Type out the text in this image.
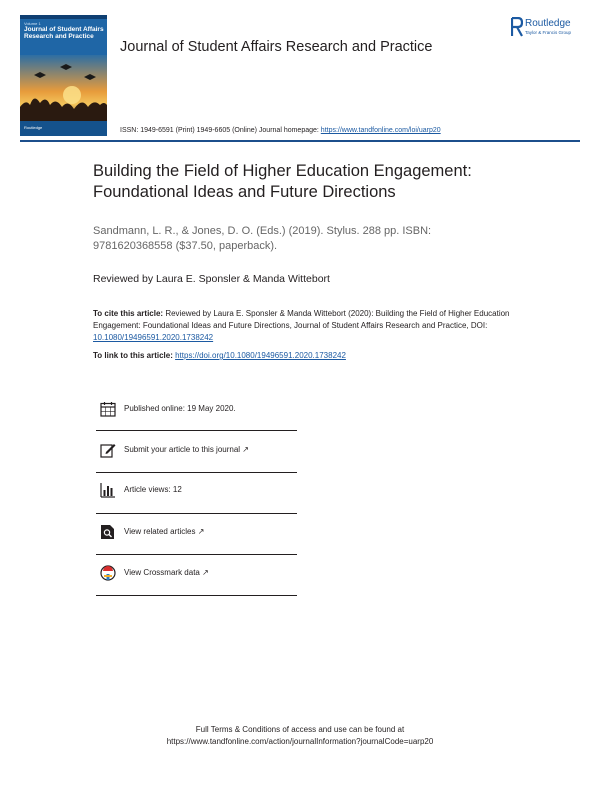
Volume 1
Journal of Student Affairs Research and Practice
Routledge
Journal of Student Affairs Research and Practice
Routledge
Taylor & Francis Group
ISSN: 1949-6591 (Print) 1949-6605 (Online) Journal homepage: https://www.tandfonline.com/loi/uarp20
Building the Field of Higher Education Engagement: Foundational Ideas and Future Directions
Sandmann, L. R., & Jones, D. O. (Eds.) (2019). Stylus. 288 pp. ISBN: 9781620368558 ($37.50, paperback).
Reviewed by Laura E. Sponsler & Manda Wittebort
To cite this article: Reviewed by Laura E. Sponsler & Manda Wittebort (2020): Building the Field of Higher Education Engagement: Foundational Ideas and Future Directions, Journal of Student Affairs Research and Practice, DOI: 10.1080/19496591.2020.1738242
To link to this article: https://doi.org/10.1080/19496591.2020.1738242
Published online: 19 May 2020.
Submit your article to this journal ↗
Article views: 12
View related articles ↗
View Crossmark data ↗
Full Terms & Conditions of access and use can be found at
https://www.tandfonline.com/action/journalInformation?journalCode=uarp20
